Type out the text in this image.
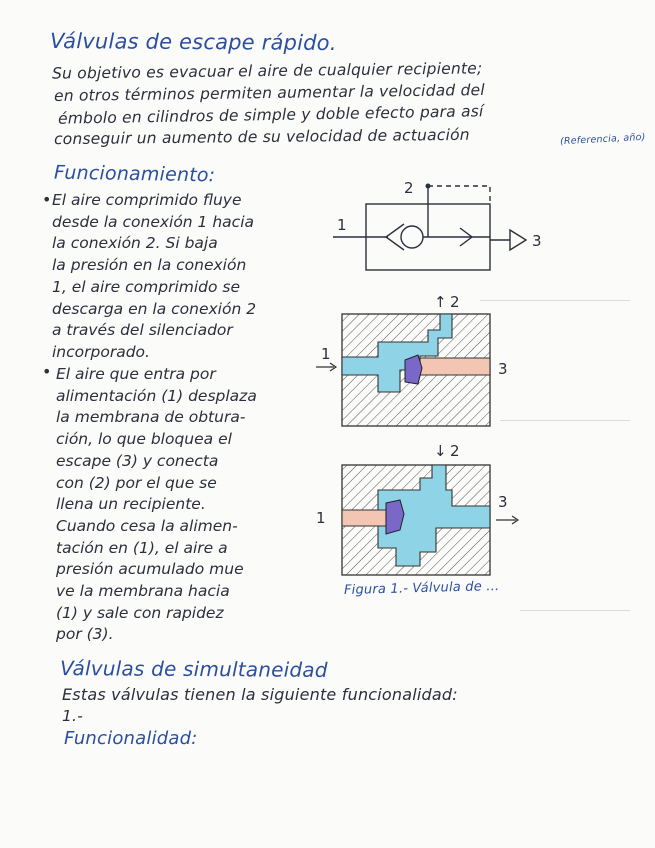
Válvulas de escape rápido.
Su objetivo es evacuar el aire de cualquier recipiente;
en otros términos permiten aumentar la velocidad del
émbolo en cilindros de simple y doble efecto para así
conseguir un aumento de su velocidad de actuación	(Referencia, año)
Funcionamiento:
• El aire comprimido fluye
desde la conexión 1 hacia
la conexión 2. Si baja
la presión en la conexión
1, el aire comprimido se
descarga en la conexión 2
a través del silenciador
incorporado.
• El aire que entra por
alimentación (1) desplaza
la membrana de obtura-
ción, lo que bloquea el
escape (3) y conecta
con (2) por el que se
llena un recipiente.
Cuando cesa la alimen-
tación en (1), el aire a
presión acumulado mue
ve la membrana hacia
(1) y sale con rapidez
por (3).
1
2
3
↑ 2
1
3
↓ 2
1
3
Figura 1.- Válvula de ...
Válvulas de simultaneidad
Estas válvulas tienen la siguiente funcionalidad:
1.-
Funcionalidad:
